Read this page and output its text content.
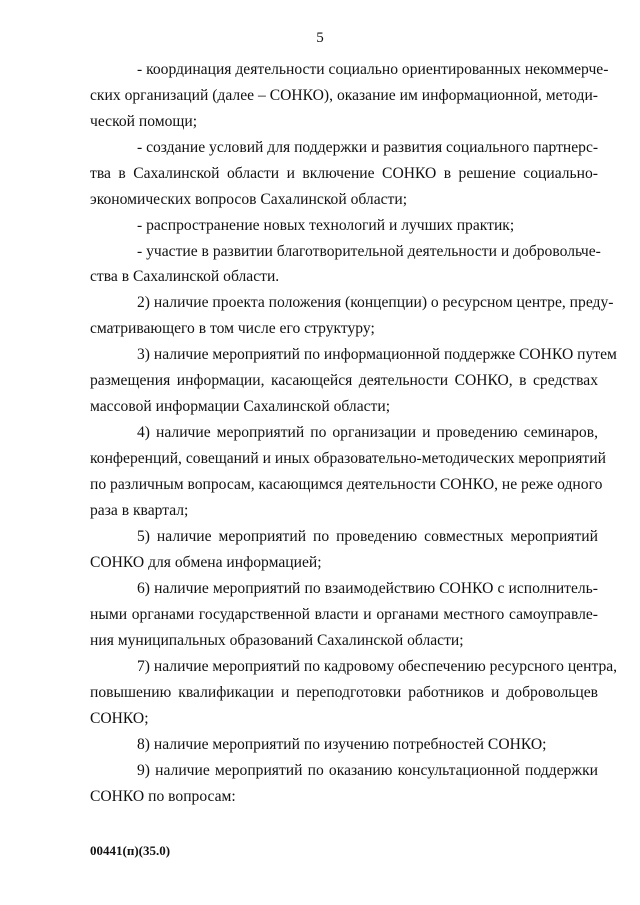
5
- координация деятельности социально ориентированных некоммерче-
ских организаций (далее – СОНКО), оказание им информационной, методи-
ческой помощи;
- создание условий для поддержки и развития социального партнерс-
тва в Сахалинской области и включение СОНКО в решение социально-
экономических вопросов Сахалинской области;
- распространение новых технологий и лучших практик;
- участие в развитии благотворительной деятельности и добровольче-
ства в Сахалинской области.
2) наличие проекта положения (концепции) о ресурсном центре, преду-
сматривающего в том числе его структуру;
3) наличие мероприятий по информационной поддержке СОНКО путем
размещения информации, касающейся деятельности СОНКО, в средствах
массовой информации Сахалинской области;
4) наличие мероприятий по организации и проведению семинаров,
конференций, совещаний и иных образовательно-методических мероприятий
по различным вопросам, касающимся деятельности СОНКО, не реже одного
раза в квартал;
5) наличие мероприятий по проведению совместных мероприятий
СОНКО для обмена информацией;
6) наличие мероприятий по взаимодействию СОНКО с исполнитель-
ными органами государственной власти и органами местного самоуправле-
ния муниципальных образований Сахалинской области;
7) наличие мероприятий по кадровому обеспечению ресурсного центра,
повышению квалификации и переподготовки работников и добровольцев
СОНКО;
8) наличие мероприятий по изучению потребностей СОНКО;
9) наличие мероприятий по оказанию консультационной поддержки
СОНКО по вопросам:
00441(п)(35.0)
